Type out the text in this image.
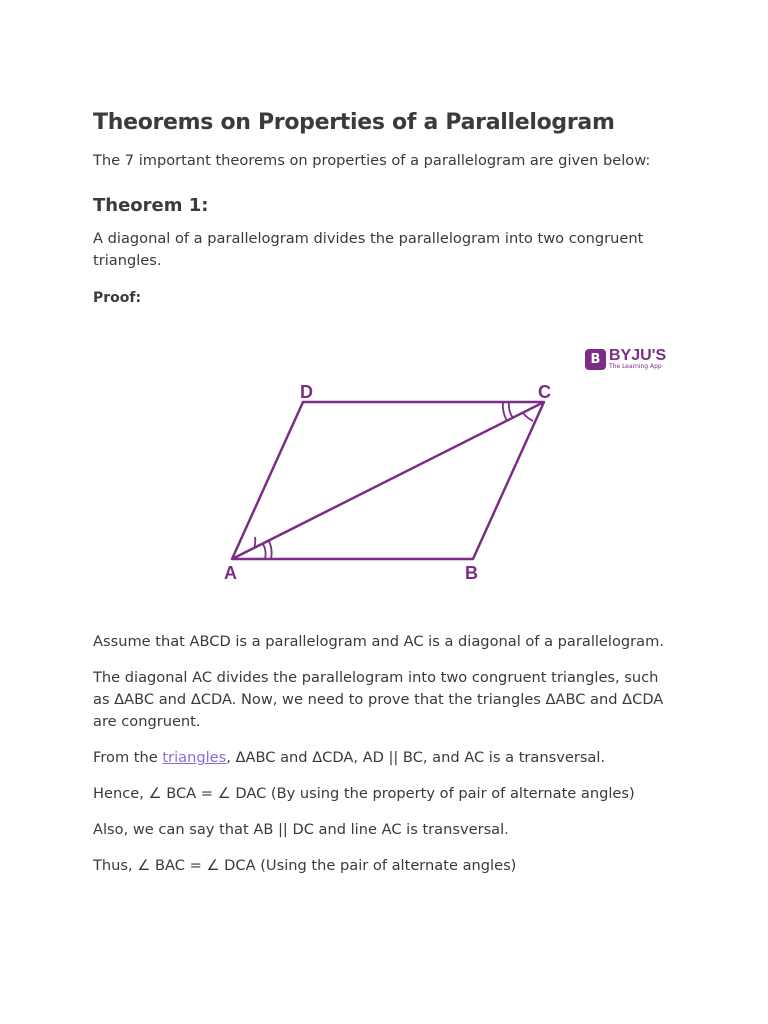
Theorems on Properties of a Parallelogram

The 7 important theorems on properties of a parallelogram are given below:

Theorem 1:

A diagonal of a parallelogram divides the parallelogram into two congruent triangles.

Proof:
B BYJU'S
The Learning App
D	C
A	B

Assume that ABCD is a parallelogram and AC is a diagonal of a parallelogram.

The diagonal AC divides the parallelogram into two congruent triangles, such as ΔABC and ΔCDA. Now, we need to prove that the triangles ΔABC and ΔCDA are congruent.

From the triangles, ΔABC and ΔCDA, AD || BC, and AC is a transversal.

Hence, ∠ BCA = ∠ DAC (By using the property of pair of alternate angles)

Also, we can say that AB || DC and line AC is transversal.

Thus, ∠ BAC = ∠ DCA (Using the pair of alternate angles)
